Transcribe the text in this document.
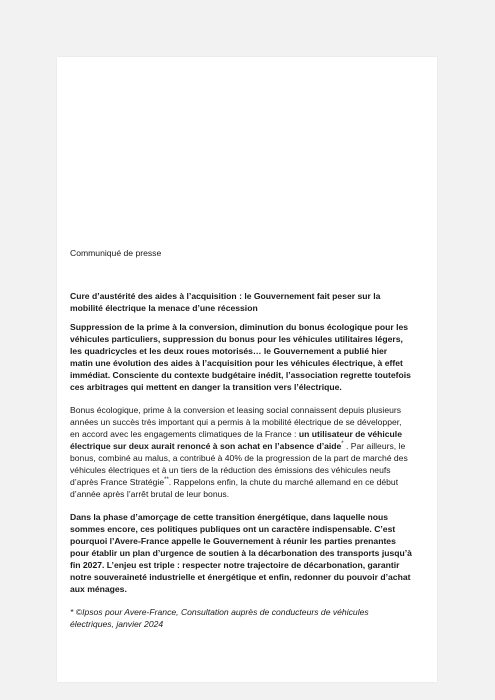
Communiqué de presse

Cure d’austérité des aides à l’acquisition : le Gouvernement fait peser sur la mobilité électrique la menace d’une récession

Suppression de la prime à la conversion, diminution du bonus écologique pour les véhicules particuliers, suppression du bonus pour les véhicules utilitaires légers, les quadricycles et les deux roues motorisés… le Gouvernement a publié hier matin une évolution des aides à l’acquisition pour les véhicules électrique, à effet immédiat. Consciente du contexte budgétaire inédit, l’association regrette toutefois ces arbitrages qui mettent en danger la transition vers l’électrique.

Bonus écologique, prime à la conversion et leasing social connaissent depuis plusieurs années un succès très important qui a permis à la mobilité électrique de se développer, en accord avec les engagements climatiques de la France : un utilisateur de véhicule électrique sur deux aurait renoncé à son achat en l’absence d’aide* . Par ailleurs, le bonus, combiné au malus, a contribué à 40% de la progression de la part de marché des véhicules électriques et à un tiers de la réduction des émissions des véhicules neufs d’après France Stratégie**. Rappelons enfin, la chute du marché allemand en ce début d’année après l’arrêt brutal de leur bonus.

Dans la phase d’amorçage de cette transition énergétique, dans laquelle nous sommes encore, ces politiques publiques ont un caractère indispensable. C’est pourquoi l’Avere-France appelle le Gouvernement à réunir les parties prenantes pour établir un plan d’urgence de soutien à la décarbonation des transports jusqu’à fin 2027. L’enjeu est triple : respecter notre trajectoire de décarbonation, garantir notre souveraineté industrielle et énergétique et enfin, redonner du pouvoir d’achat aux ménages.

* ©Ipsos pour Avere-France, Consultation auprès de conducteurs de véhicules électriques, janvier 2024
